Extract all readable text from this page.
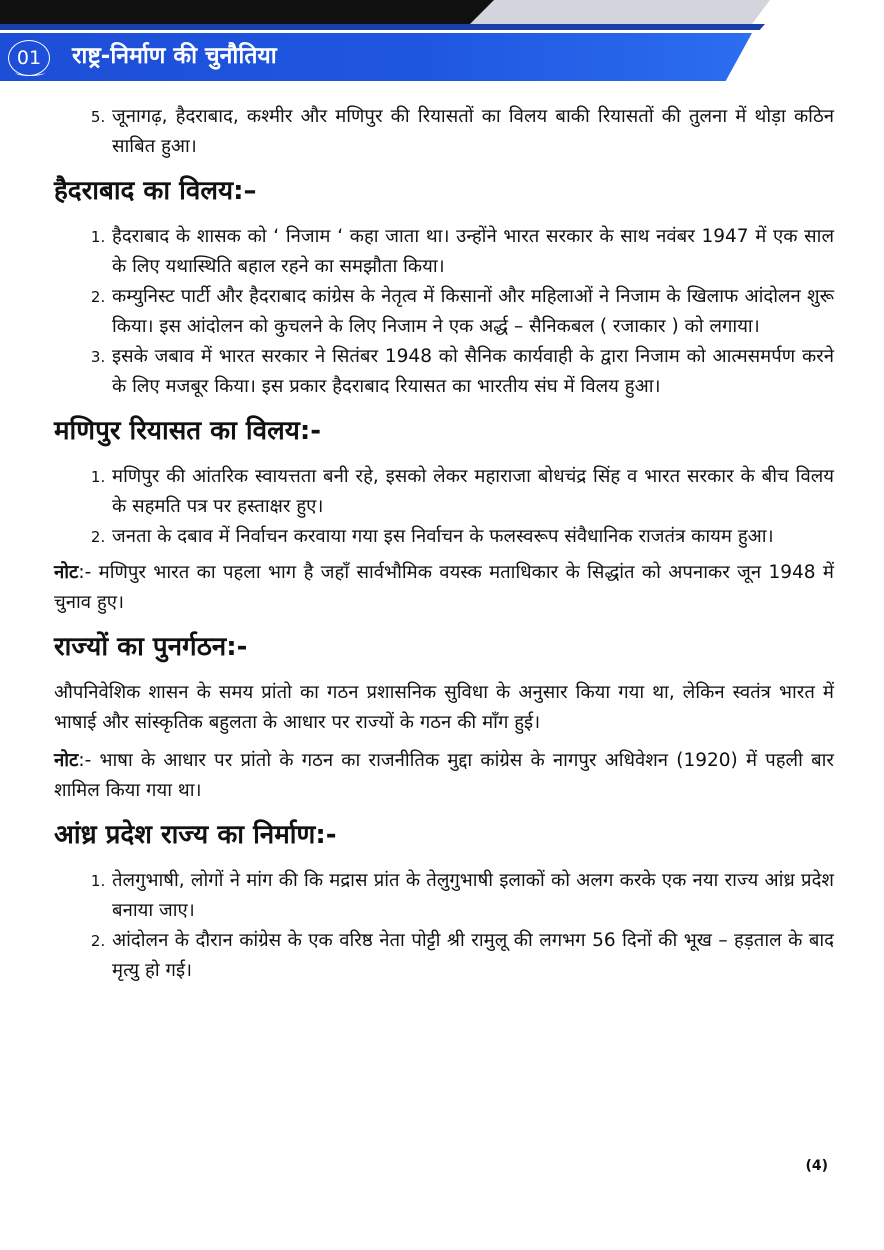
01	राष्ट्र-निर्माण की चुनौतिया
5. जूनागढ़, हैदराबाद, कश्मीर और मणिपुर की रियासतों का विलय बाकी रियासतों की तुलना में थोड़ा कठिन साबित हुआ।
हैदराबाद का विलय:–
1. हैदराबाद के शासक को ‘ निजाम ‘ कहा जाता था। उन्होंने भारत सरकार के साथ नवंबर 1947 में एक साल के लिए यथास्थिति बहाल रहने का समझौता किया।
2. कम्युनिस्ट पार्टी और हैदराबाद कांग्रेस के नेतृत्व में किसानों और महिलाओं ने निजाम के खिलाफ आंदोलन शुरू किया। इस आंदोलन को कुचलने के लिए निजाम ने एक अर्द्ध – सैनिकबल ( रजाकार ) को लगाया।
3. इसके जबाव में भारत सरकार ने सितंबर 1948 को सैनिक कार्यवाही के द्वारा निजाम को आत्मसमर्पण करने के लिए मजबूर किया। इस प्रकार हैदराबाद रियासत का भारतीय संघ में विलय हुआ।
मणिपुर रियासत का विलय:-
1. मणिपुर की आंतरिक स्वायत्तता बनी रहे, इसको लेकर महाराजा बोधचंद्र सिंह व भारत सरकार के बीच विलय के सहमति पत्र पर हस्ताक्षर हुए।
2. जनता के दबाव में निर्वाचन करवाया गया इस निर्वाचन के फलस्वरूप संवैधानिक राजतंत्र कायम हुआ।

नोट:- मणिपुर भारत का पहला भाग है जहाँ सार्वभौमिक वयस्क मताधिकार के सिद्धांत को अपनाकर जून 1948 में चुनाव हुए।

राज्यों का पुनर्गठन:-

औपनिवेशिक शासन के समय प्रांतो का गठन प्रशासनिक सुविधा के अनुसार किया गया था, लेकिन स्वतंत्र भारत में भाषाई और सांस्कृतिक बहुलता के आधार पर राज्यों के गठन की माँग हुई।

नोट:- भाषा के आधार पर प्रांतो के गठन का राजनीतिक मुद्दा कांग्रेस के नागपुर अधिवेशन (1920) में पहली बार शामिल किया गया था।

आंध्र प्रदेश राज्य का निर्माण:-
1. तेलगुभाषी, लोगों ने मांग की कि मद्रास प्रांत के तेलुगुभाषी इलाकों को अलग करके एक नया राज्य आंध्र प्रदेश बनाया जाए।
2. आंदोलन के दौरान कांग्रेस के एक वरिष्ठ नेता पोट्टी श्री रामुलू की लगभग 56 दिनों की भूख – हड़ताल के बाद मृत्यु हो गई।
(4)
